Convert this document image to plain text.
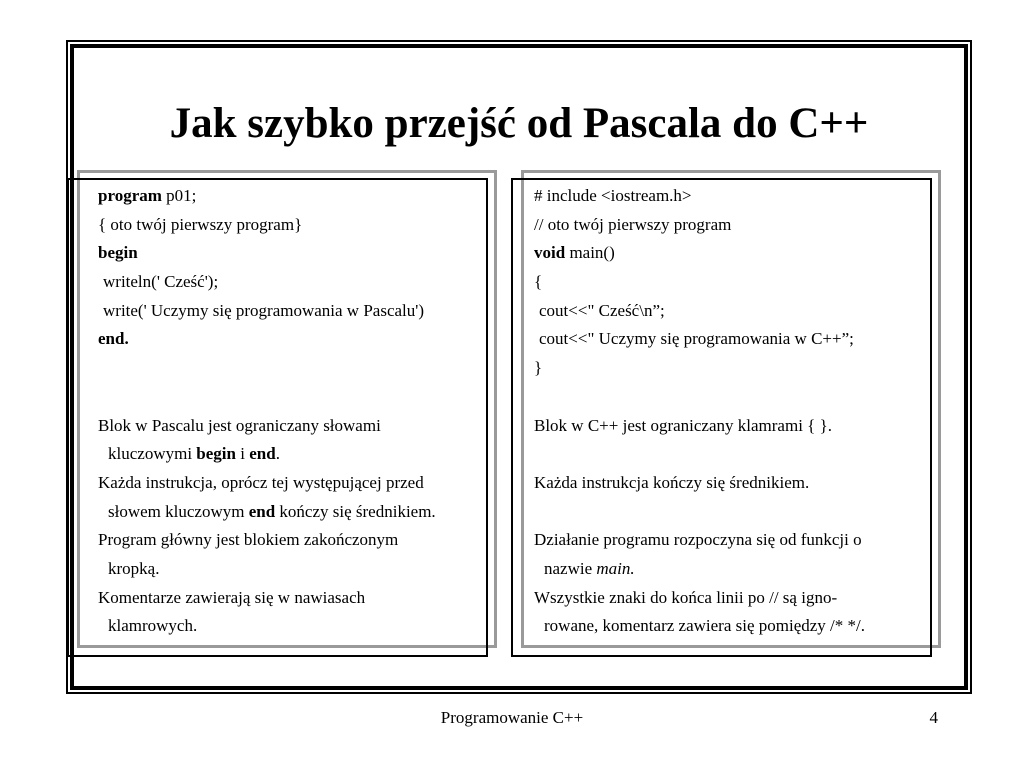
Jak szybko przejść od Pascala do C++
program p01;
{ oto twój pierwszy program}
begin
writeln(' Cześć');
write(' Uczymy się programowania w Pascalu')
end.
Blok w Pascalu jest ograniczany słowami
kluczowymi begin i end.
Każda instrukcja, oprócz tej występującej przed
słowem kluczowym end kończy się średnikiem.
Program główny jest blokiem zakończonym
kropką.
Komentarze zawierają się w nawiasach
klamrowych.
# include <iostream.h>
// oto twój pierwszy program
void main()
{
cout<<" Cześć\n”;
cout<<" Uczymy się programowania w C++”;
}
Blok w C++ jest ograniczany klamrami { }.
Każda instrukcja kończy się średnikiem.
Działanie programu rozpoczyna się od funkcji o
nazwie main.
Wszystkie znaki do końca linii po // są igno-
rowane, komentarz zawiera się pomiędzy /* */.
Programowanie C++	4
